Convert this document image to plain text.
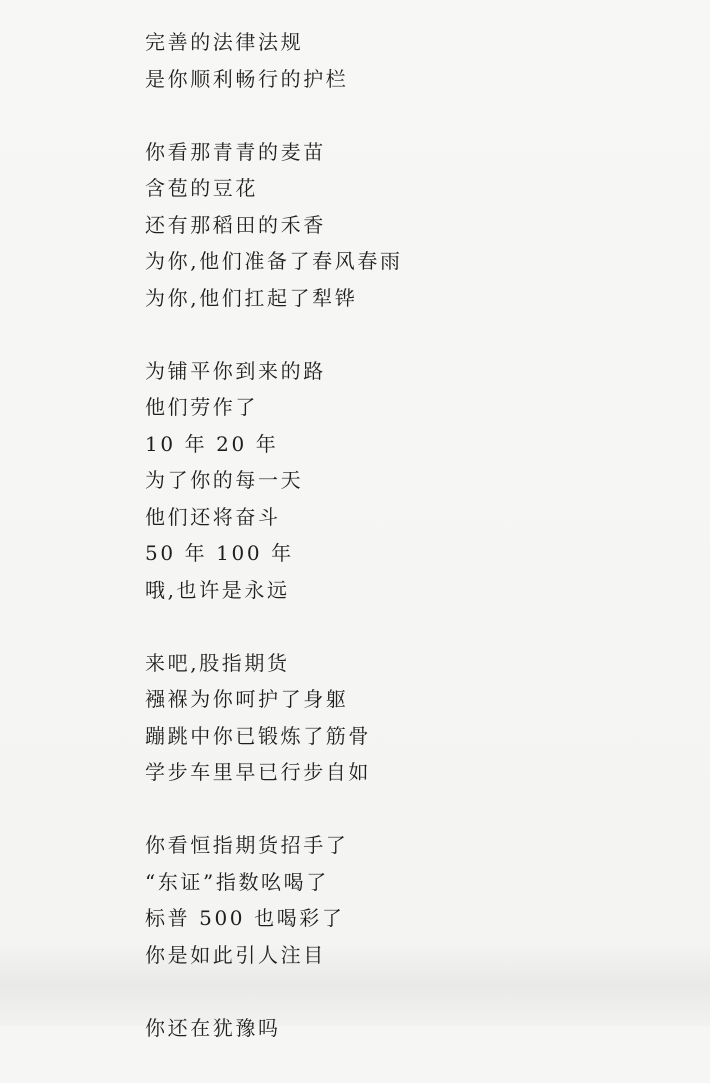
完善的法律法规
是你顺利畅行的护栏
你看那青青的麦苗
含苞的豆花
还有那稻田的禾香
为你,他们准备了春风春雨
为你,他们扛起了犁铧
为铺平你到来的路
他们劳作了
10 年 20 年
为了你的每一天
他们还将奋斗
50 年 100 年
哦,也许是永远
来吧,股指期货
襁褓为你呵护了身躯
蹦跳中你已锻炼了筋骨
学步车里早已行步自如
你看恒指期货招手了
“东证”指数吆喝了
标普 500 也喝彩了
你是如此引人注目
你还在犹豫吗
